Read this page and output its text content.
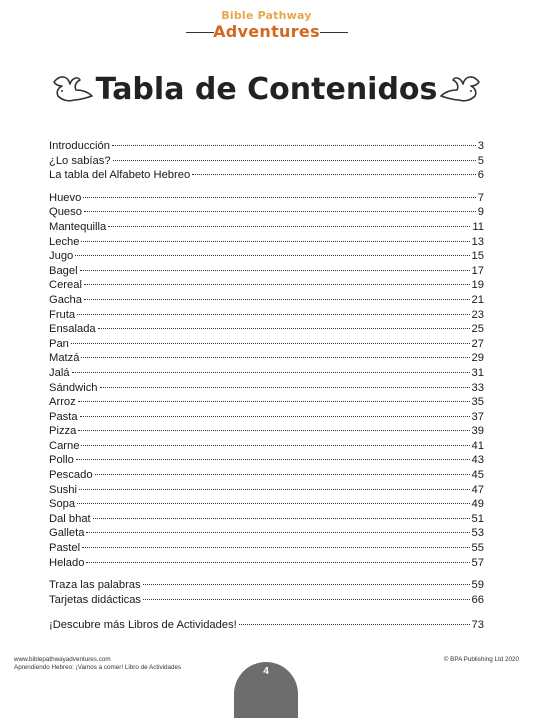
Bible Pathway
Adventures
Tabla de Contenidos
Introducción	3
¿Lo sabías?	5
La tabla del Alfabeto Hebreo	6
Huevo	7
Queso	9
Mantequilla	11
Leche	13
Jugo	15
Bagel	17
Cereal	19
Gacha	21
Fruta	23
Ensalada	25
Pan	27
Matzá	29
Jalá	31
Sándwich	33
Arroz	35
Pasta	37
Pizza	39
Carne	41
Pollo	43
Pescado	45
Sushi	47
Sopa	49
Dal bhat	51
Galleta	53
Pastel	55
Helado	57
Traza las palabras	59
Tarjetas didácticas	66
¡Descubre más Libros de Actividades!	73
www.biblepathwayadventures.com
Aprendiendo Hebreo: ¡Vamos a comer! Libro de Actividades
© BPA Publishing Ltd 2020
4
